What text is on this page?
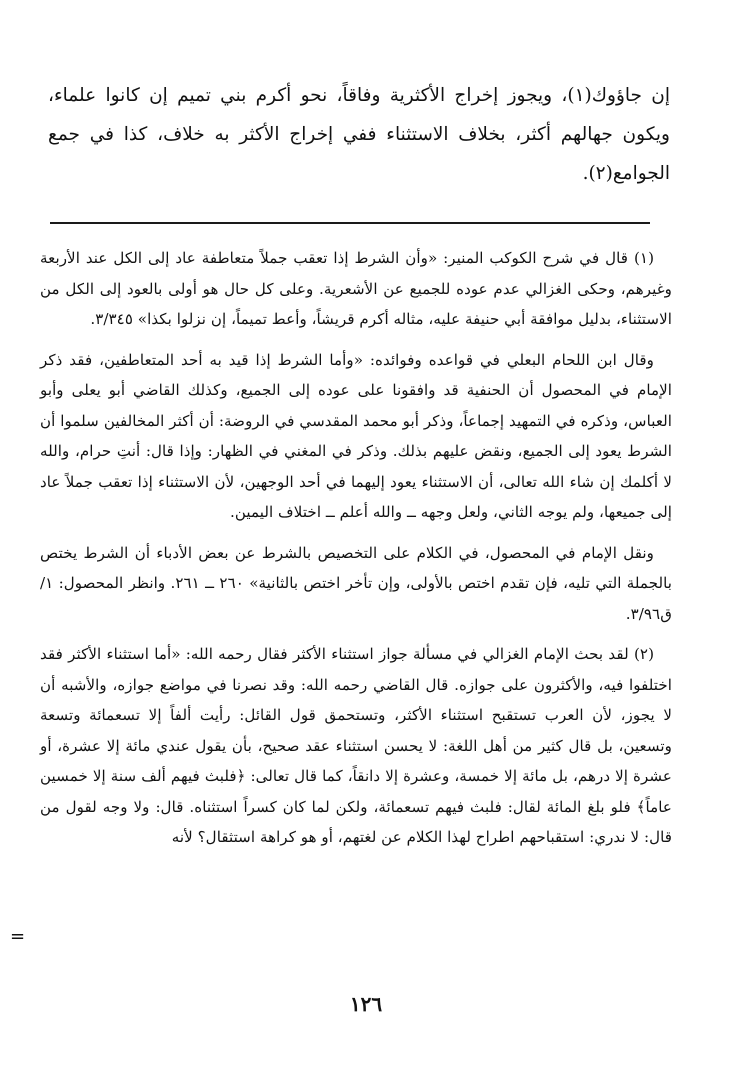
إن جاؤوك(١)، ويجوز إخراج الأكثرية وفاقاً، نحو أكرم بني تميم إن كانوا علماء، ويكون جهالهم أكثر، بخلاف الاستثناء ففي إخراج الأكثر به خلاف، كذا في جمع الجوامع(٢).

(١) قال في شرح الكوكب المنير: «وأن الشرط إذا تعقب جملاً متعاطفة عاد إلى الكل عند الأربعة وغيرهم، وحكى الغزالي عدم عوده للجميع عن الأشعرية. وعلى كل حال هو أولى بالعود إلى الكل من الاستثناء، بدليل موافقة أبي حنيفة عليه، مثاله أكرم قريشاً، وأعط تميماً، إن نزلوا بكذا» ٣/٣٤٥.

وقال ابن اللحام البعلي في قواعده وفوائده: «وأما الشرط إذا قيد به أحد المتعاطفين، فقد ذكر الإمام في المحصول أن الحنفية قد وافقونا على عوده إلى الجميع، وكذلك القاضي أبو يعلى وأبو العباس، وذكره في التمهيد إجماعاً، وذكر أبو محمد المقدسي في الروضة: أن أكثر المخالفين سلموا أن الشرط يعود إلى الجميع، ونقض عليهم بذلك. وذكر في المغني في الظهار: وإذا قال: أنتِ حرام، والله لا أكلمك إن شاء الله تعالى، أن الاستثناء يعود إليهما في أحد الوجهين، لأن الاستثناء إذا تعقب جملاً عاد إلى جميعها، ولم يوجه الثاني، ولعل وجهه ــ والله أعلم ــ اختلاف اليمين.

ونقل الإمام في المحصول، في الكلام على التخصيص بالشرط عن بعض الأدباء أن الشرط يختص بالجملة التي تليه، فإن تقدم اختص بالأولى، وإن تأخر اختص بالثانية» ٢٦٠ ــ ٢٦١. وانظر المحصول: ١/ق٣/٩٦.

(٢) لقد بحث الإمام الغزالي في مسألة جواز استثناء الأكثر فقال رحمه الله: «أما استثناء الأكثر فقد اختلفوا فيه، والأكثرون على جوازه. قال القاضي رحمه الله: وقد نصرنا في مواضع جوازه، والأشبه أن لا يجوز، لأن العرب تستقبح استثناء الأكثر، وتستحمق قول القائل: رأيت ألفاً إلا تسعمائة وتسعة وتسعين، بل قال كثير من أهل اللغة: لا يحسن استثناء عقد صحيح، بأن يقول عندي مائة إلا عشرة، أو عشرة إلا درهم، بل مائة إلا خمسة، وعشرة إلا دانقاً، كما قال تعالى: ﴿فلبث فيهم ألف سنة إلا خمسين عاماً﴾ فلو بلغ المائة لقال: فلبث فيهم تسعمائة، ولكن لما كان كسراً استثناه. قال: ولا وجه لقول من قال: لا ندري: استقباحهم اطراح لهذا الكلام عن لغتهم، أو هو كراهة استثقال؟ لأنه

=
١٢٦
